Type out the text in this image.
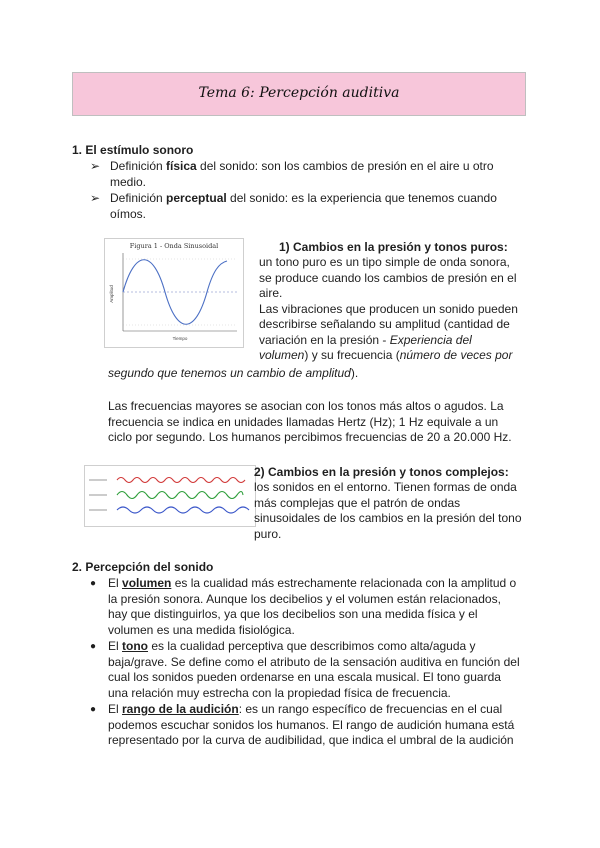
Tema 6: Percepción auditiva
1. El estímulo sonoro
➢ Definición física del sonido: son los cambios de presión en el aire u otro
medio.
➢ Definición perceptual del sonido: es la experiencia que tenemos cuando
oímos.
Figura 1 - Onda Sinusoidal
Amplitud
Tiempo
1) Cambios en la presión y tonos puros:

un tono puro es un tipo simple de onda sonora,

se produce cuando los cambios de presión en el

aire.

Las vibraciones que producen un sonido pueden

describirse señalando su amplitud (cantidad de

variación en la presión - Experiencia del

volumen) y su frecuencia (número de veces por

segundo que tenemos un cambio de amplitud).

Las frecuencias mayores se asocian con los tonos más altos o agudos. La

frecuencia se indica en unidades llamadas Hertz (Hz); 1 Hz equivale a un

ciclo por segundo. Los humanos percibimos frecuencias de 20 a 20.000 Hz.

2) Cambios en la presión y tonos complejos:

los sonidos en el entorno. Tienen formas de onda

más complejas que el patrón de ondas

sinusoidales de los cambios en la presión del tono

puro.

2. Percepción del sonido
● El volumen es la cualidad más estrechamente relacionada con la amplitud o

la presión sonora. Aunque los decibelios y el volumen están relacionados,

hay que distinguirlos, ya que los decibelios son una medida física y el

volumen es una medida fisiológica.

● El tono es la cualidad perceptiva que describimos como alta/aguda y

baja/grave. Se define como el atributo de la sensación auditiva en función del

cual los sonidos pueden ordenarse en una escala musical. El tono guarda

una relación muy estrecha con la propiedad física de frecuencia.

● El rango de la audición: es un rango específico de frecuencias en el cual

podemos escuchar sonidos los humanos. El rango de audición humana está

representado por la curva de audibilidad, que indica el umbral de la audición
